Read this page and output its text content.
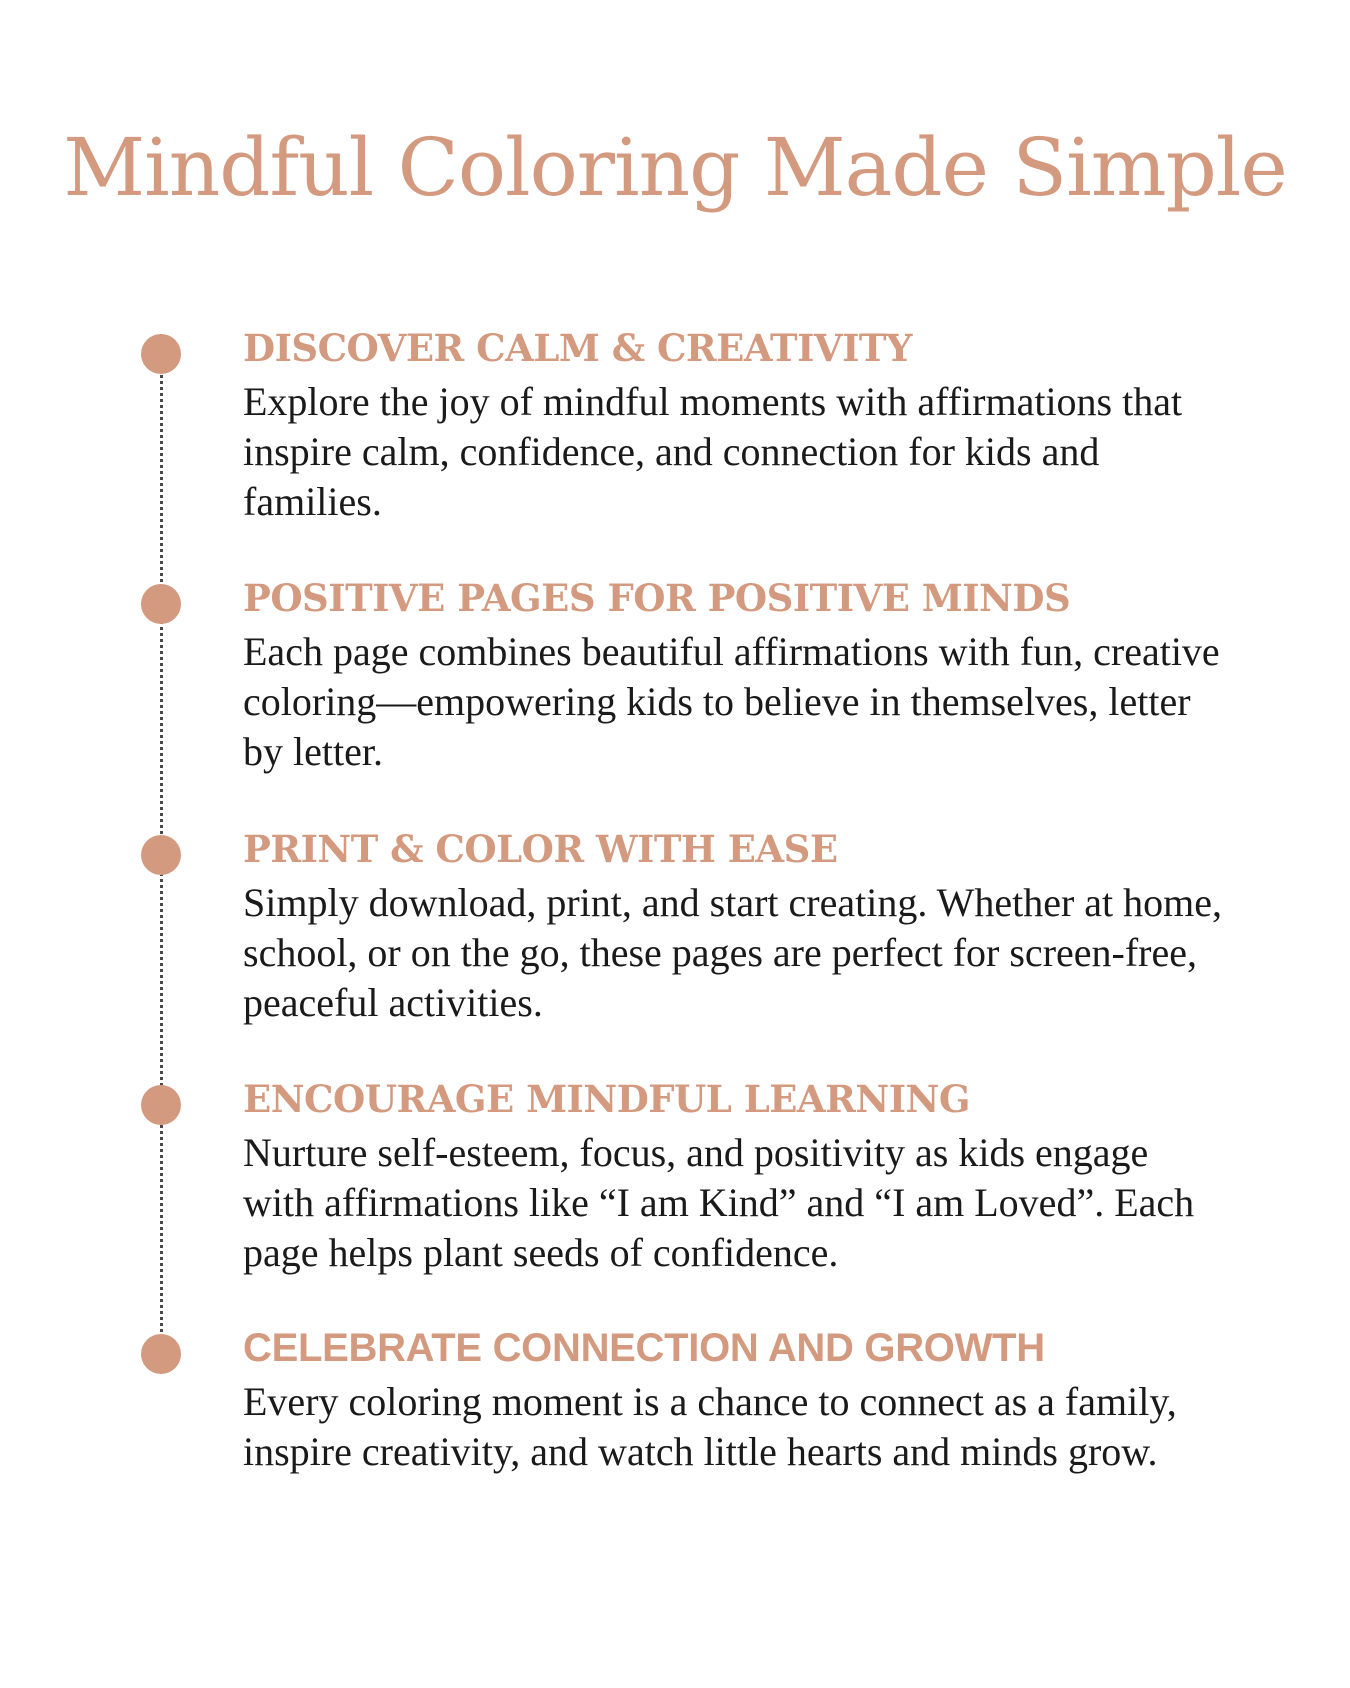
Mindful Coloring Made Simple
DISCOVER CALM & CREATIVITY

Explore the joy of mindful moments with affirmations that inspire calm, confidence, and connection for kids and families.

POSITIVE PAGES FOR POSITIVE MINDS

Each page combines beautiful affirmations with fun, creative coloring—empowering kids to believe in themselves, letter by letter.

PRINT & COLOR WITH EASE

Simply download, print, and start creating. Whether at home, school, or on the go, these pages are perfect for screen-free, peaceful activities.

ENCOURAGE MINDFUL LEARNING

Nurture self-esteem, focus, and positivity as kids engage with affirmations like “I am Kind” and “I am Loved”. Each page helps plant seeds of confidence.

CELEBRATE CONNECTION AND GROWTH

Every coloring moment is a chance to connect as a family, inspire creativity, and watch little hearts and minds grow.
